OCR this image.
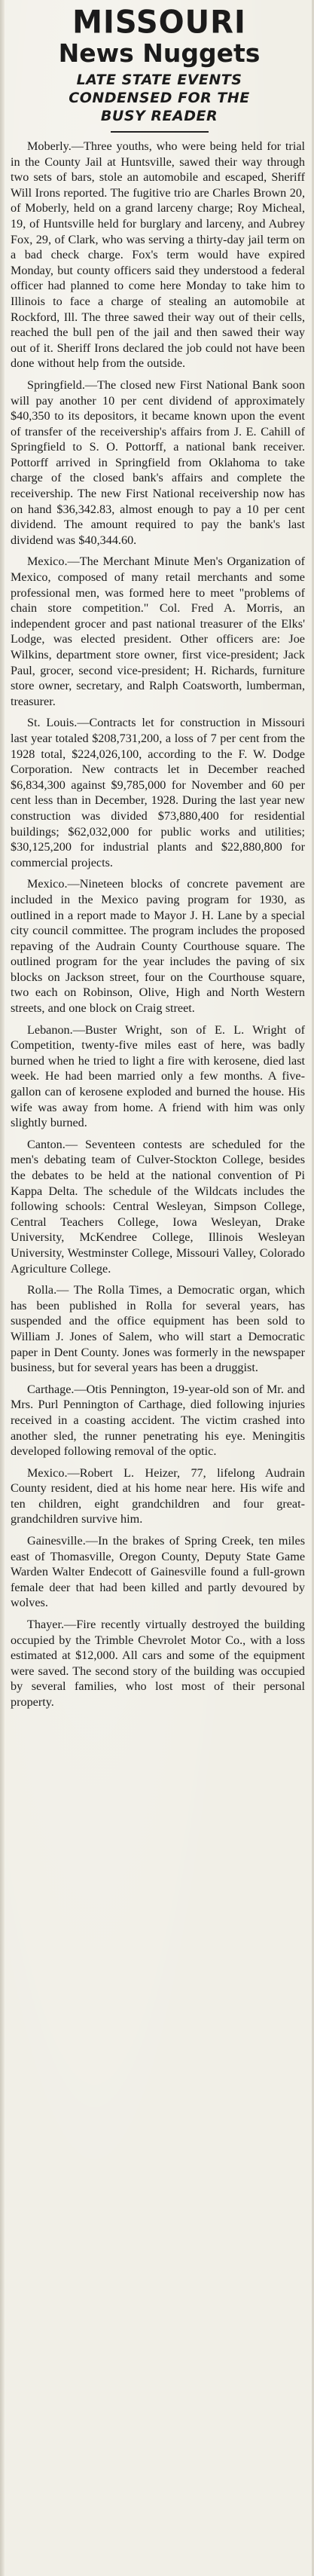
MISSOURI
News Nuggets
LATE STATE EVENTS
CONDENSED FOR THE
BUSY READER

Moberly.—Three youths, who were being held for trial in the County Jail at Huntsville, sawed their way through two sets of bars, stole an automobile and escaped, Sheriff Will Irons reported. The fugitive trio are Charles Brown 20, of Moberly, held on a grand larceny charge; Roy Micheal, 19, of Huntsville held for burglary and larceny, and Aubrey Fox, 29, of Clark, who was serving a thirty-day jail term on a bad check charge. Fox's term would have expired Monday, but county officers said they understood a federal officer had planned to come here Monday to take him to Illinois to face a charge of stealing an automobile at Rockford, Ill. The three sawed their way out of their cells, reached the bull pen of the jail and then sawed their way out of it. Sheriff Irons declared the job could not have been done without help from the outside.

Springfield.—The closed new First National Bank soon will pay another 10 per cent dividend of approximately $40,350 to its depositors, it became known upon the event of transfer of the receivership's affairs from J. E. Cahill of Springfield to S. O. Pottorff, a national bank receiver. Pottorff arrived in Springfield from Oklahoma to take charge of the closed bank's affairs and complete the receivership. The new First National receivership now has on hand $36,342.83, almost enough to pay a 10 per cent dividend. The amount required to pay the bank's last dividend was $40,344.60.

Mexico.—The Merchant Minute Men's Organization of Mexico, composed of many retail merchants and some professional men, was formed here to meet "problems of chain store competition." Col. Fred A. Morris, an independent grocer and past national treasurer of the Elks' Lodge, was elected president. Other officers are: Joe Wilkins, department store owner, first vice-president; Jack Paul, grocer, second vice-president; H. Richards, furniture store owner, secretary, and Ralph Coatsworth, lumberman, treasurer.

St. Louis.—Contracts let for construction in Missouri last year totaled $208,731,200, a loss of 7 per cent from the 1928 total, $224,026,100, according to the F. W. Dodge Corporation. New contracts let in December reached $6,834,300 against $9,785,000 for November and 60 per cent less than in December, 1928. During the last year new construction was divided $73,880,400 for residential buildings; $62,032,000 for public works and utilities; $30,125,200 for industrial plants and $22,880,800 for commercial projects.

Mexico.—Nineteen blocks of concrete pavement are included in the Mexico paving program for 1930, as outlined in a report made to Mayor J. H. Lane by a special city council committee. The program includes the proposed repaving of the Audrain County Courthouse square. The outlined program for the year includes the paving of six blocks on Jackson street, four on the Courthouse square, two each on Robinson, Olive, High and North Western streets, and one block on Craig street.

Lebanon.—Buster Wright, son of E. L. Wright of Competition, twenty-five miles east of here, was badly burned when he tried to light a fire with kerosene, died last week. He had been married only a few months. A five-gallon can of kerosene exploded and burned the house. His wife was away from home. A friend with him was only slightly burned.

Canton.— Seventeen contests are scheduled for the men's debating team of Culver-Stockton College, besides the debates to be held at the national convention of Pi Kappa Delta. The schedule of the Wildcats includes the following schools: Central Wesleyan, Simpson College, Central Teachers College, Iowa Wesleyan, Drake University, McKendree College, Illinois Wesleyan University, Westminster College, Missouri Valley, Colorado Agriculture College.

Rolla.— The Rolla Times, a Democratic organ, which has been published in Rolla for several years, has suspended and the office equipment has been sold to William J. Jones of Salem, who will start a Democratic paper in Dent County. Jones was formerly in the newspaper business, but for several years has been a druggist.

Carthage.—Otis Pennington, 19-year-old son of Mr. and Mrs. Purl Pennington of Carthage, died following injuries received in a coasting accident. The victim crashed into another sled, the runner penetrating his eye. Meningitis developed following removal of the optic.

Mexico.—Robert L. Heizer, 77, lifelong Audrain County resident, died at his home near here. His wife and ten children, eight grandchildren and four great-grandchildren survive him.

Gainesville.—In the brakes of Spring Creek, ten miles east of Thomasville, Oregon County, Deputy State Game Warden Walter Endecott of Gainesville found a full-grown female deer that had been killed and partly devoured by wolves.

Thayer.—Fire recently virtually destroyed the building occupied by the Trimble Chevrolet Motor Co., with a loss estimated at $12,000. All cars and some of the equipment were saved. The second story of the building was occupied by several families, who lost most of their personal property.
